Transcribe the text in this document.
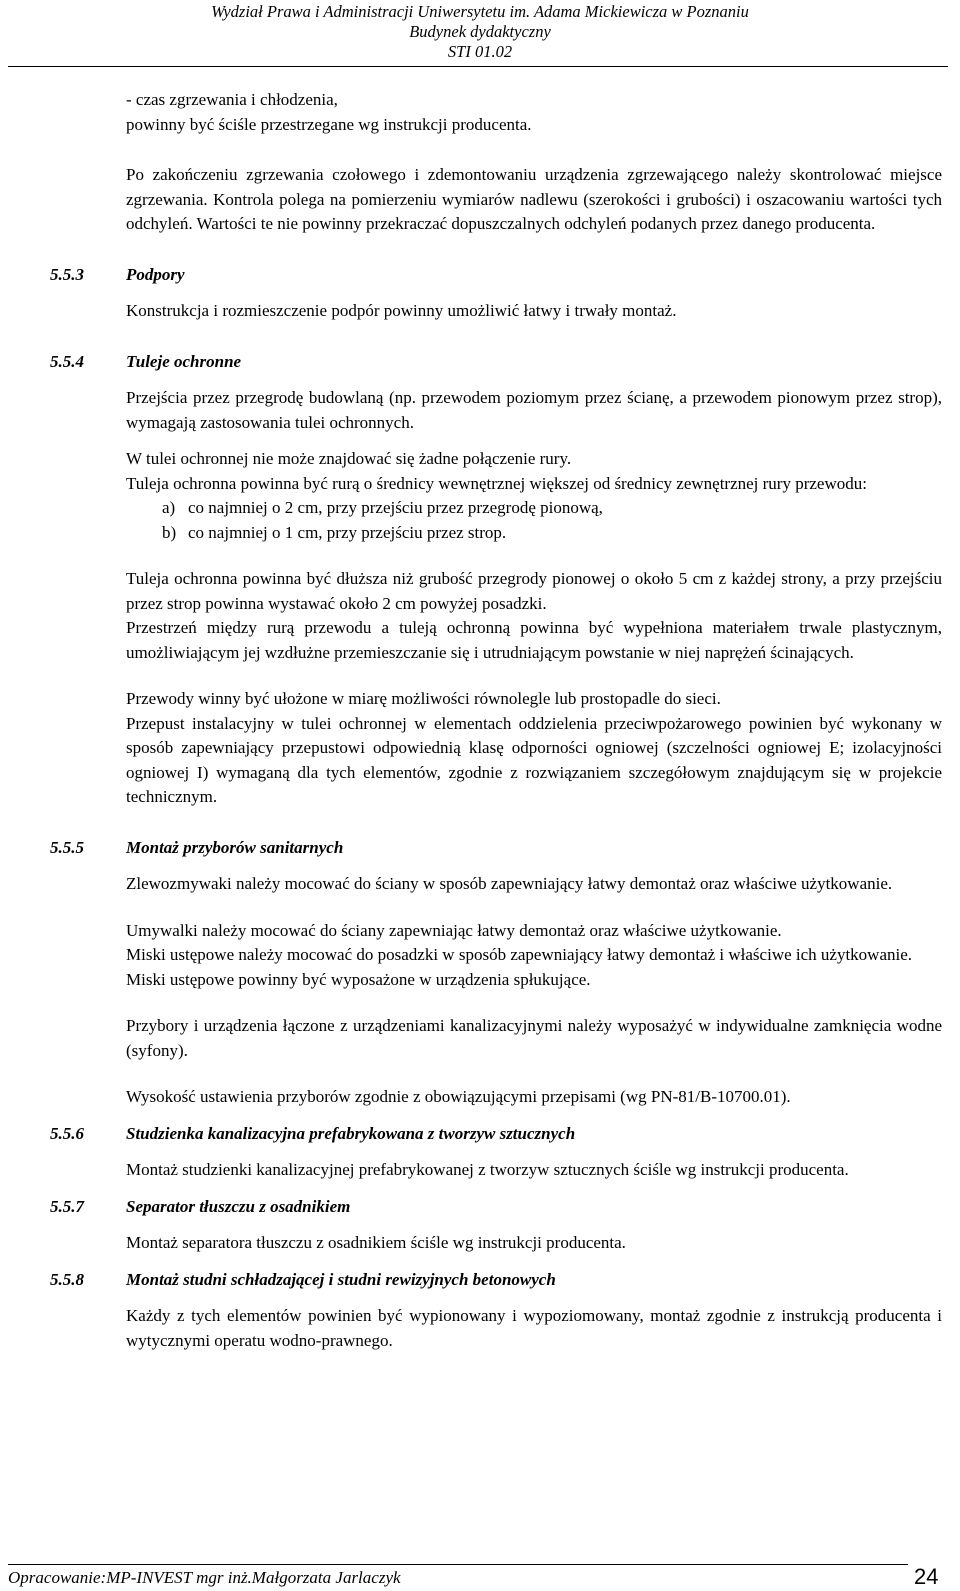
Wydział Prawa i Administracji Uniwersytetu im. Adama Mickiewicza w Poznaniu
Budynek dydaktyczny
STI 01.02

- czas zgrzewania i chłodzenia,

powinny być ściśle przestrzegane wg instrukcji producenta.

Po zakończeniu zgrzewania czołowego i zdemontowaniu urządzenia zgrzewającego należy skontrolować miejsce zgrzewania. Kontrola polega na pomierzeniu wymiarów nadlewu (szerokości i grubości) i oszacowaniu wartości tych odchyleń. Wartości te nie powinny przekraczać dopuszczalnych odchyleń podanych przez danego producenta.

5.5.3 Podpory

Konstrukcja i rozmieszczenie podpór powinny umożliwić łatwy i trwały montaż.

5.5.4 Tuleje ochronne

Przejścia przez przegrodę budowlaną (np. przewodem poziomym przez ścianę, a przewodem pionowym przez strop), wymagają zastosowania tulei ochronnych.

W tulei ochronnej nie może znajdować się żadne połączenie rury.

Tuleja ochronna powinna być rurą o średnicy wewnętrznej większej od średnicy zewnętrznej rury przewodu:

a) co najmniej o 2 cm, przy przejściu przez przegrodę pionową,

b) co najmniej o 1 cm, przy przejściu przez strop.

Tuleja ochronna powinna być dłuższa niż grubość przegrody pionowej o około 5 cm z każdej strony, a przy przejściu przez strop powinna wystawać około 2 cm powyżej posadzki.

Przestrzeń między rurą przewodu a tuleją ochronną powinna być wypełniona materiałem trwale plastycznym, umożliwiającym jej wzdłużne przemieszczanie się i utrudniającym powstanie w niej naprężeń ścinających.

Przewody winny być ułożone w miarę możliwości równolegle lub prostopadle do sieci.

Przepust instalacyjny w tulei ochronnej w elementach oddzielenia przeciwpożarowego powinien być wykonany w sposób zapewniający przepustowi odpowiednią klasę odporności ogniowej (szczelności ogniowej E; izolacyjności ogniowej I) wymaganą dla tych elementów, zgodnie z rozwiązaniem szczegółowym znajdującym się w projekcie technicznym.

5.5.5 Montaż przyborów sanitarnych

Zlewozmywaki należy mocować do ściany w sposób zapewniający łatwy demontaż oraz właściwe użytkowanie.

Umywalki należy mocować do ściany zapewniając łatwy demontaż oraz właściwe użytkowanie.

Miski ustępowe należy mocować do posadzki w sposób zapewniający łatwy demontaż i właściwe ich użytkowanie.

Miski ustępowe powinny być wyposażone w urządzenia spłukujące.

Przybory i urządzenia łączone z urządzeniami kanalizacyjnymi należy wyposażyć w indywidualne zamknięcia wodne (syfony).

Wysokość ustawienia przyborów zgodnie z obowiązującymi przepisami (wg PN-81/B-10700.01).

5.5.6 Studzienka kanalizacyjna prefabrykowana z tworzyw sztucznych

Montaż studzienki kanalizacyjnej prefabrykowanej z tworzyw sztucznych ściśle wg instrukcji producenta.

5.5.7 Separator tłuszczu z osadnikiem

Montaż separatora tłuszczu z osadnikiem ściśle wg instrukcji producenta.

5.5.8 Montaż studni schładzającej i studni rewizyjnych betonowych

Każdy z tych elementów powinien być wypionowany i wypoziomowany, montaż zgodnie z instrukcją producenta i wytycznymi operatu wodno-prawnego.

Opracowanie:MP-INVEST mgr inż.Małgorzata Jarlaczyk	24
